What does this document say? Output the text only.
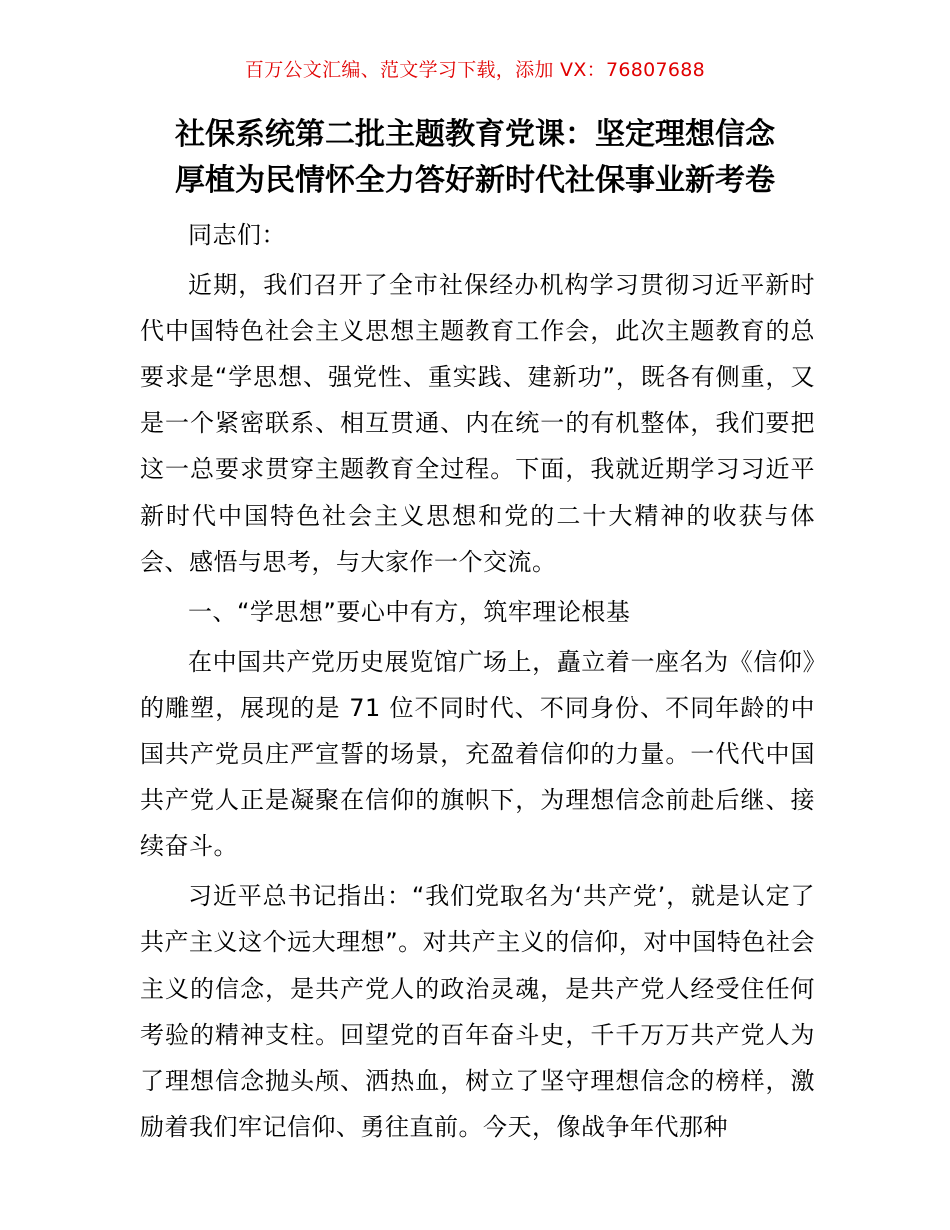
百万公文汇编、范文学习下载，添加 VX：76807688
社保系统第二批主题教育党课：坚定理想信念
厚植为民情怀全力答好新时代社保事业新考卷

同志们：

近期，我们召开了全市社保经办机构学习贯彻习近平新时代中国特色社会主义思想主题教育工作会，此次主题教育的总要求是“学思想、强党性、重实践、建新功”，既各有侧重，又是一个紧密联系、相互贯通、内在统一的有机整体，我们要把这一总要求贯穿主题教育全过程。下面，我就近期学习习近平新时代中国特色社会主义思想和党的二十大精神的收获与体会、感悟与思考，与大家作一个交流。

一、“学思想”要心中有方，筑牢理论根基

在中国共产党历史展览馆广场上，矗立着一座名为《信仰》的雕塑，展现的是 71 位不同时代、不同身份、不同年龄的中国共产党员庄严宣誓的场景，充盈着信仰的力量。一代代中国共产党人正是凝聚在信仰的旗帜下，为理想信念前赴后继、接续奋斗。

习近平总书记指出：“我们党取名为‘共产党’，就是认定了共产主义这个远大理想”。对共产主义的信仰，对中国特色社会主义的信念，是共产党人的政治灵魂，是共产党人经受住任何考验的精神支柱。回望党的百年奋斗史，千千万万共产党人为了理想信念抛头颅、洒热血，树立了坚守理想信念的榜样，激励着我们牢记信仰、勇往直前。今天，像战争年代那种
